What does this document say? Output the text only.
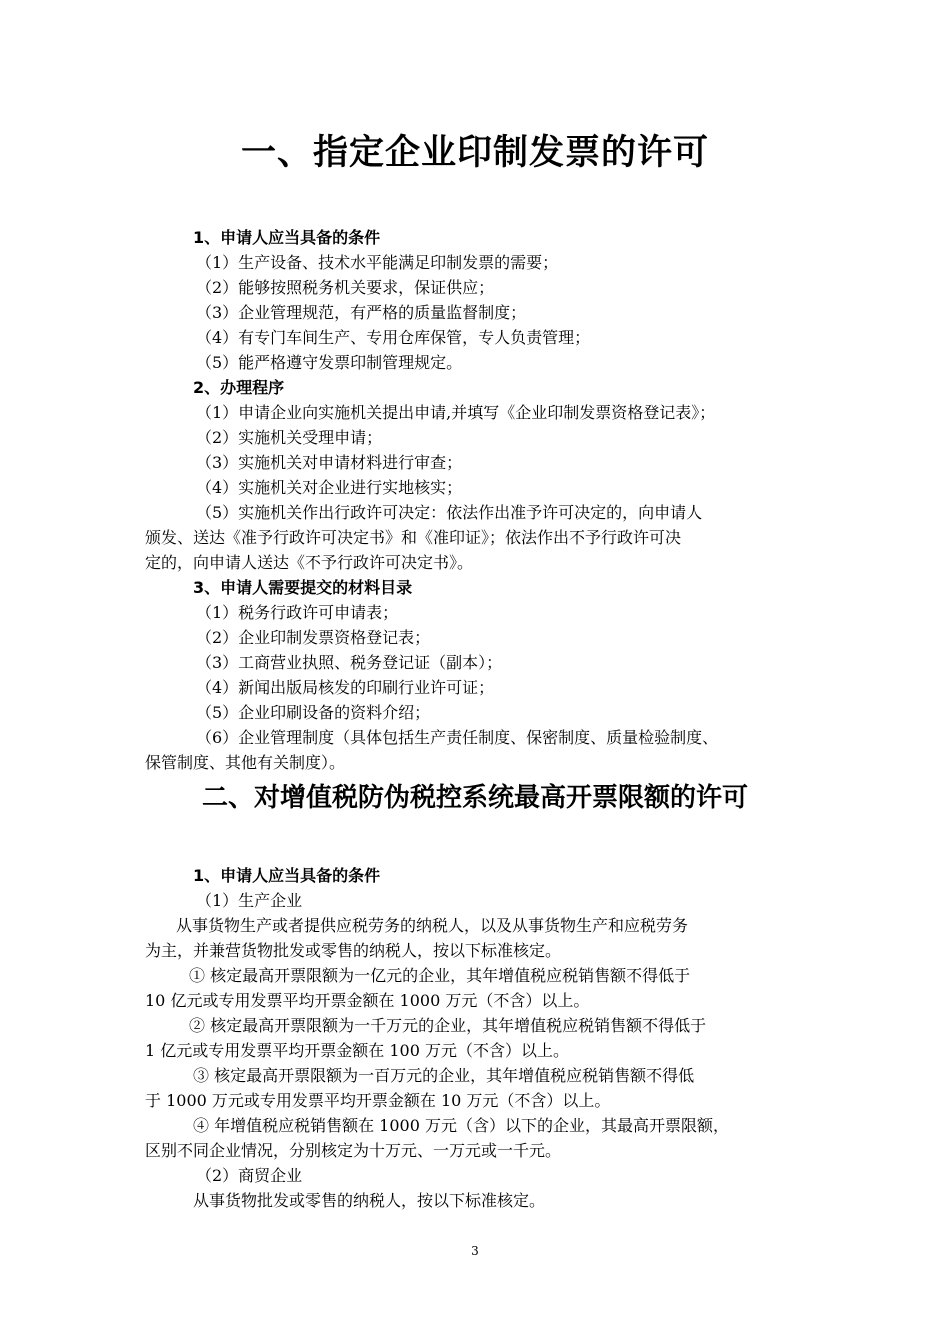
一、指定企业印制发票的许可
1、申请人应当具备的条件
（1）生产设备、技术水平能满足印制发票的需要；
（2）能够按照税务机关要求，保证供应；
（3）企业管理规范，有严格的质量监督制度；
（4）有专门车间生产、专用仓库保管，专人负责管理；
（5）能严格遵守发票印制管理规定。
2、办理程序
（1）申请企业向实施机关提出申请,并填写《企业印制发票资格登记表》；
（2）实施机关受理申请；
（3）实施机关对申请材料进行审查；
（4）实施机关对企业进行实地核实；
（5）实施机关作出行政许可决定：依法作出准予许可决定的，向申请人
颁发、送达《准予行政许可决定书》和《准印证》；依法作出不予行政许可决
定的，向申请人送达《不予行政许可决定书》。
3、申请人需要提交的材料目录
（1）税务行政许可申请表；
（2）企业印制发票资格登记表；
（3）工商营业执照、税务登记证（副本）；
（4）新闻出版局核发的印刷行业许可证；
（5）企业印刷设备的资料介绍；
（6）企业管理制度（具体包括生产责任制度、保密制度、质量检验制度、
保管制度、其他有关制度）。
二、对增值税防伪税控系统最高开票限额的许可
1、申请人应当具备的条件
（1）生产企业
从事货物生产或者提供应税劳务的纳税人，以及从事货物生产和应税劳务
为主，并兼营货物批发或零售的纳税人，按以下标准核定。
① 核定最高开票限额为一亿元的企业，其年增值税应税销售额不得低于
10 亿元或专用发票平均开票金额在 1000 万元（不含）以上。
② 核定最高开票限额为一千万元的企业，其年增值税应税销售额不得低于
1 亿元或专用发票平均开票金额在 100 万元（不含）以上。
③ 核定最高开票限额为一百万元的企业，其年增值税应税销售额不得低
于 1000 万元或专用发票平均开票金额在 10 万元（不含）以上。
④ 年增值税应税销售额在 1000 万元（含）以下的企业，其最高开票限额，
区别不同企业情况，分别核定为十万元、一万元或一千元。
（2）商贸企业
从事货物批发或零售的纳税人，按以下标准核定。
3
